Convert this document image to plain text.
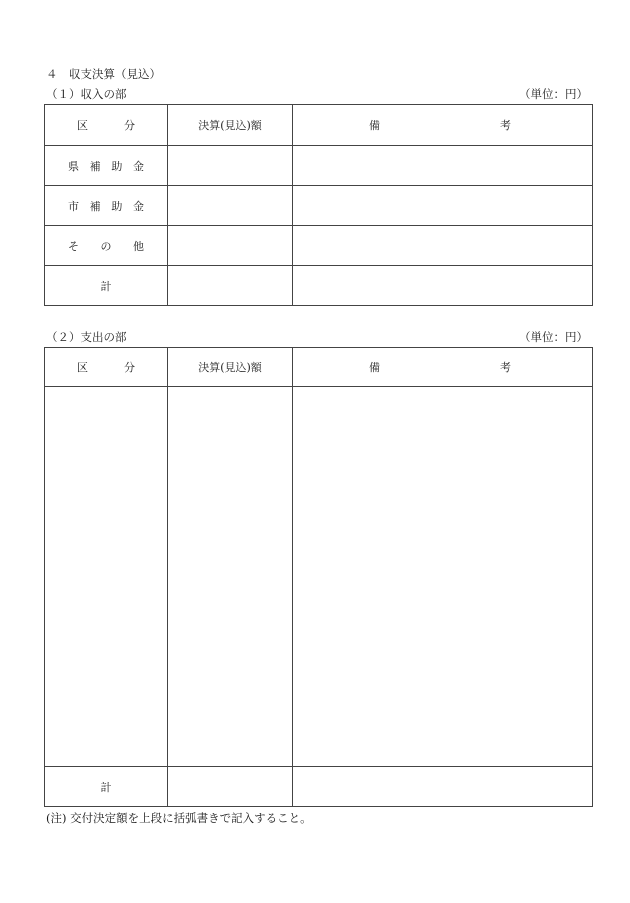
４　収支決算（見込）
（１）収入の部	（単位：円）
区 分	決算(見込)額	備 考

県 補 助 金		

市 補 助 金		

そ の 他		

計		
（２）支出の部	（単位：円）
区 分	決算(見込)額	備 考

計		
(注) 交付決定額を上段に括弧書きで記入すること。
